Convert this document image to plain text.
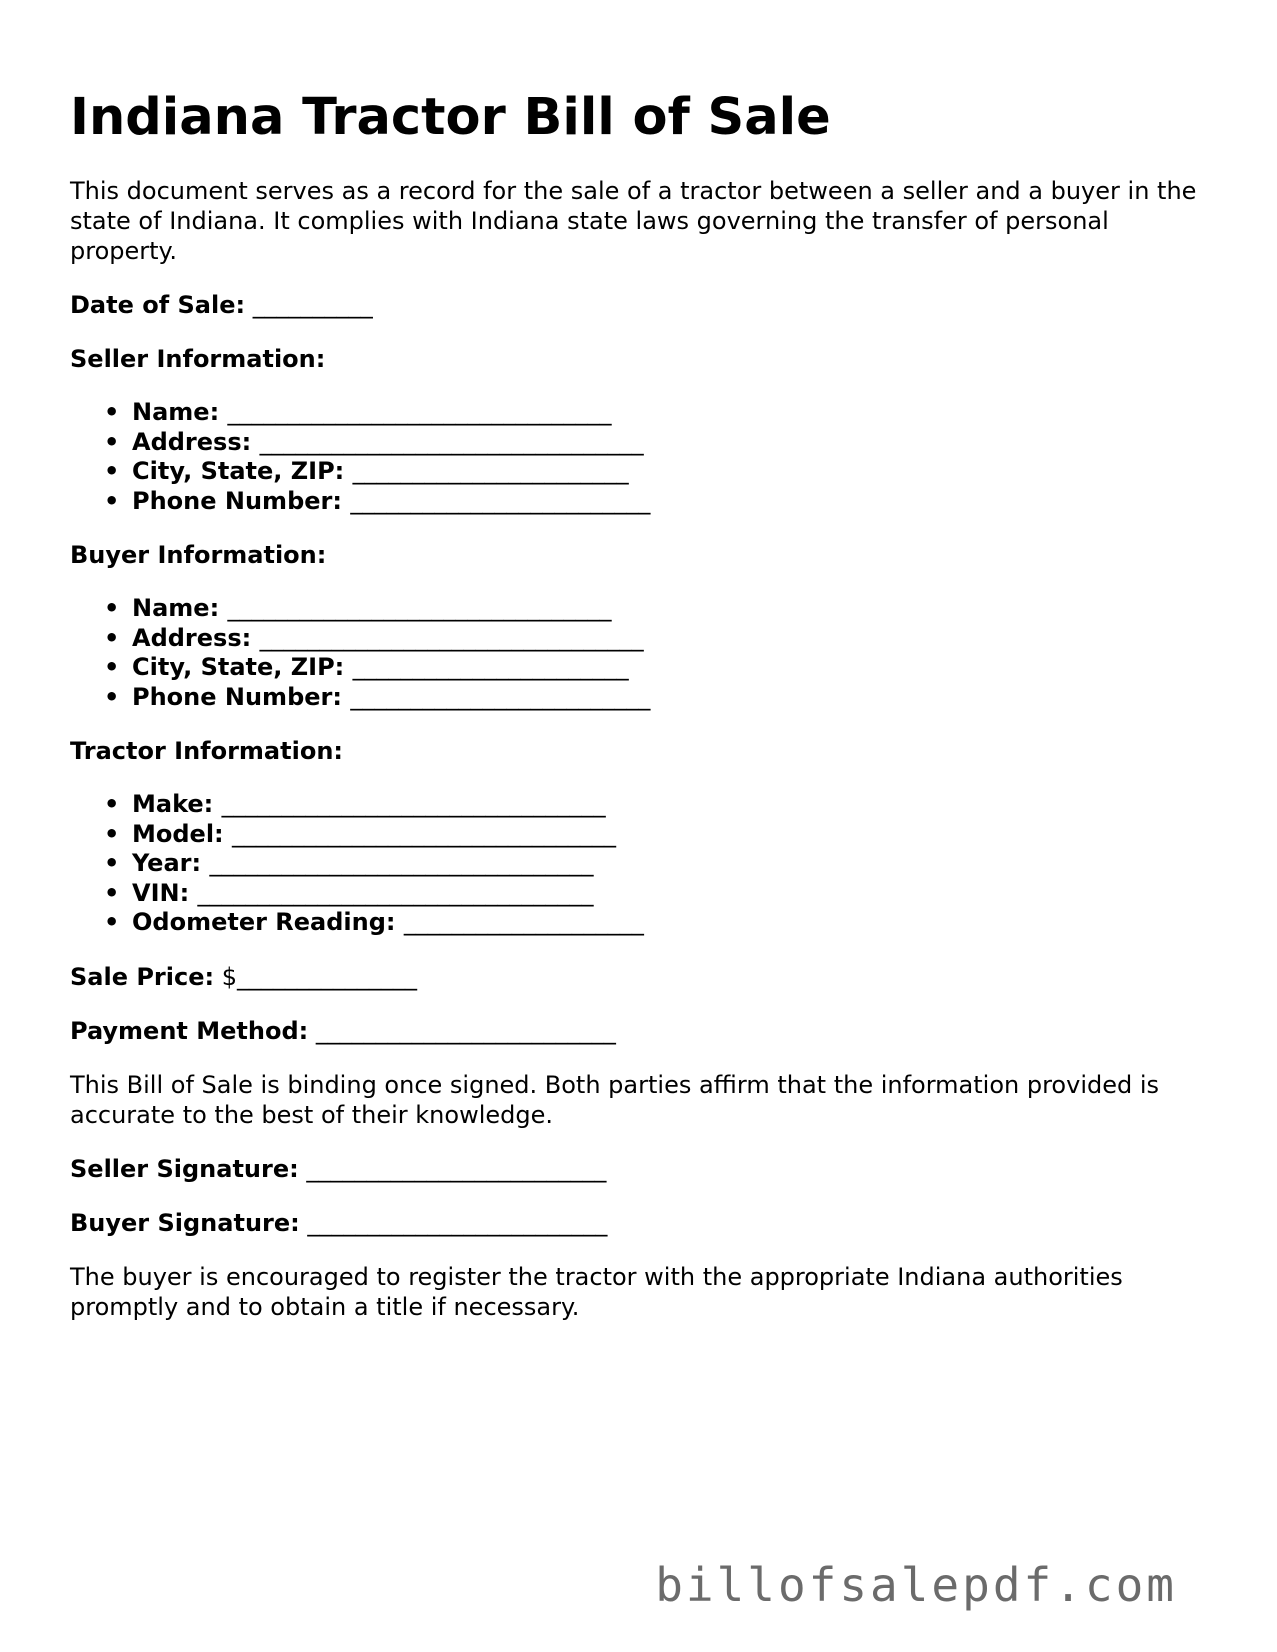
Indiana Tractor Bill of Sale

This document serves as a record for the sale of a tractor between a seller and a buyer in the state of Indiana. It complies with Indiana state laws governing the transfer of personal property.

Date of Sale: __________
Seller Information:
• Name: ________________________________
• Address: ________________________________
• City, State, ZIP: _______________________
• Phone Number: _________________________
Buyer Information:
• Name: ________________________________
• Address: ________________________________
• City, State, ZIP: _______________________
• Phone Number: _________________________
Tractor Information:
• Make: ________________________________
• Model: ________________________________
• Year: ________________________________
• VIN: _________________________________
• Odometer Reading: ____________________
Sale Price: $_______________
Payment Method: _________________________

This Bill of Sale is binding once signed. Both parties affirm that the information provided is accurate to the best of their knowledge.

Seller Signature: _________________________
Buyer Signature: _________________________

The buyer is encouraged to register the tractor with the appropriate Indiana authorities promptly and to obtain a title if necessary.

billofsalepdf.com
